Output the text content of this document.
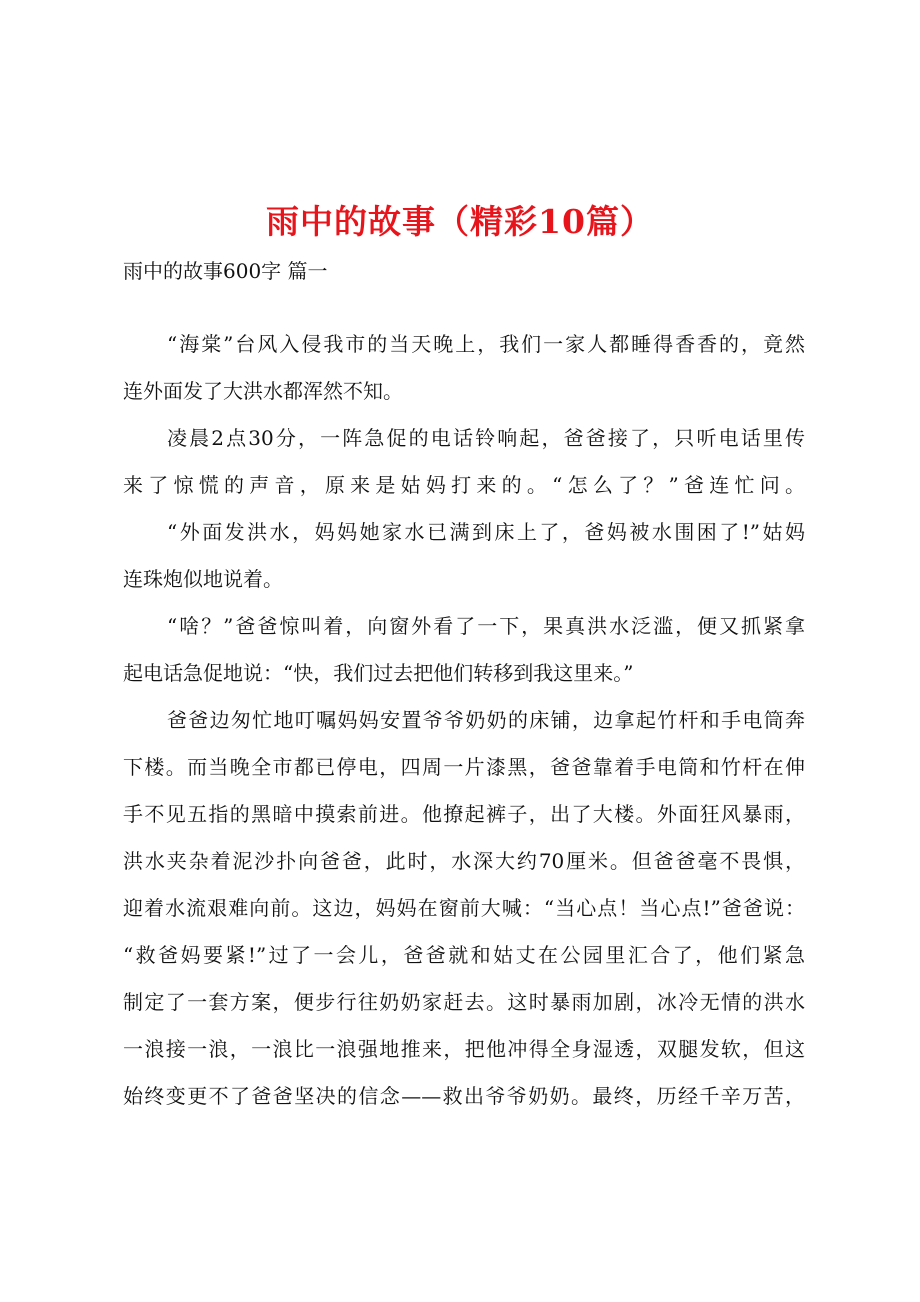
雨中的故事（精彩10篇）
雨中的故事600字 篇一
“海棠”台风入侵我市的当天晚上，我们一家人都睡得香香的，竟然
连外面发了大洪水都浑然不知。
凌晨2点30分，一阵急促的电话铃响起，爸爸接了，只听电话里传
来了惊慌的声音，原来是姑妈打来的。“怎么了？”爸连忙问。
“外面发洪水，妈妈她家水已满到床上了，爸妈被水围困了!”姑妈
连珠炮似地说着。
“啥？”爸爸惊叫着，向窗外看了一下，果真洪水泛滥，便又抓紧拿
起电话急促地说：“快，我们过去把他们转移到我这里来。”
爸爸边匆忙地叮嘱妈妈安置爷爷奶奶的床铺，边拿起竹杆和手电筒奔
下楼。而当晚全市都已停电，四周一片漆黑，爸爸靠着手电筒和竹杆在伸
手不见五指的黑暗中摸索前进。他撩起裤子，出了大楼。外面狂风暴雨，
洪水夹杂着泥沙扑向爸爸，此时，水深大约70厘米。但爸爸毫不畏惧，
迎着水流艰难向前。这边，妈妈在窗前大喊：“当心点！当心点!”爸爸说：
“救爸妈要紧!”过了一会儿，爸爸就和姑丈在公园里汇合了，他们紧急
制定了一套方案，便步行往奶奶家赶去。这时暴雨加剧，冰冷无情的洪水
一浪接一浪，一浪比一浪强地推来，把他冲得全身湿透，双腿发软，但这
始终变更不了爸爸坚决的信念——救出爷爷奶奶。最终，历经千辛万苦，
